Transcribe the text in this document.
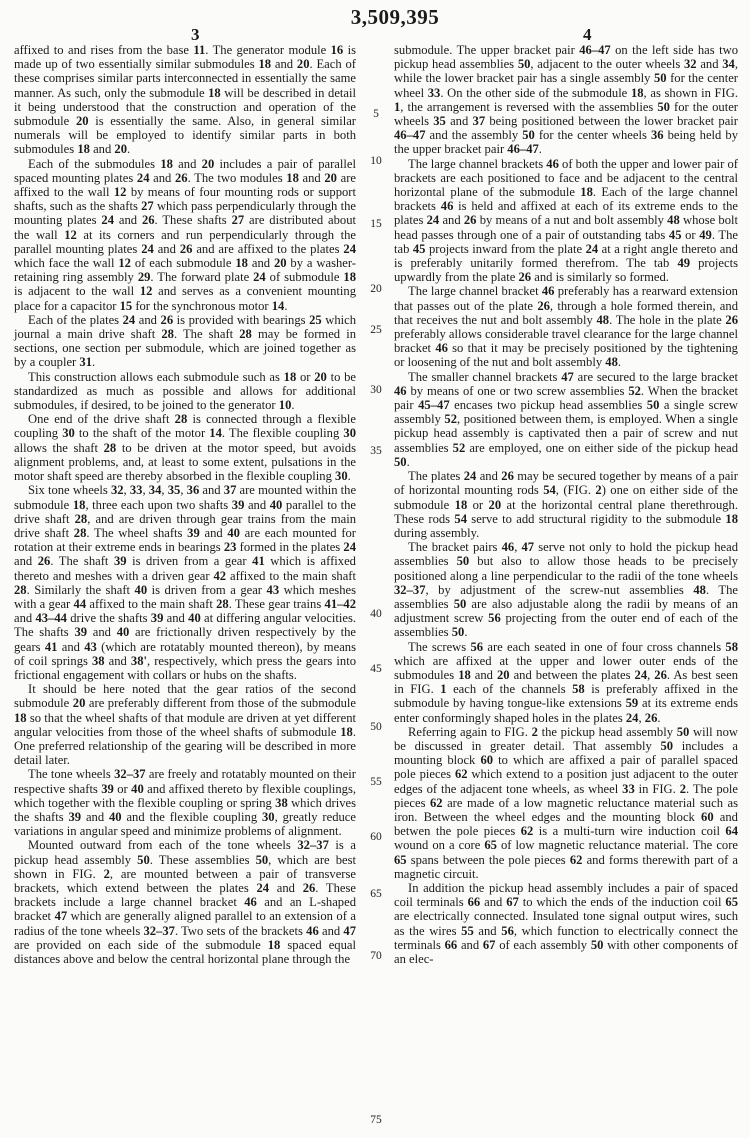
3,509,395
3	4

affixed to and rises from the base 11. The generator module 16 is made up of two essentially similar submodules 18 and 20. Each of these comprises similar parts interconnected in essentially the same manner. As such, only the submodule 18 will be described in detail it being understood that the construction and operation of the submodule 20 is essentially the same. Also, in general similar numerals will be employed to identify similar parts in both submodules 18 and 20.

Each of the submodules 18 and 20 includes a pair of parallel spaced mounting plates 24 and 26. The two modules 18 and 20 are affixed to the wall 12 by means of four mounting rods or support shafts, such as the shafts 27 which pass perpendicularly through the mounting plates 24 and 26. These shafts 27 are distributed about the wall 12 at its corners and run perpendicularly through the parallel mounting plates 24 and 26 and are affixed to the plates 24 which face the wall 12 of each submodule 18 and 20 by a washer-retaining ring assembly 29. The forward plate 24 of submodule 18 is adjacent to the wall 12 and serves as a convenient mounting place for a capacitor 15 for the synchronous motor 14.

Each of the plates 24 and 26 is provided with bearings 25 which journal a main drive shaft 28. The shaft 28 may be formed in sections, one section per submodule, which are joined together as by a coupler 31.

This construction allows each submodule such as 18 or 20 to be standardized as much as possible and allows for additional submodules, if desired, to be joined to the generator 10.

One end of the drive shaft 28 is connected through a flexible coupling 30 to the shaft of the motor 14. The flexible coupling 30 allows the shaft 28 to be driven at the motor speed, but avoids alignment problems, and, at least to some extent, pulsations in the motor shaft speed are thereby absorbed in the flexible coupling 30.

Six tone wheels 32, 33, 34, 35, 36 and 37 are mounted within the submodule 18, three each upon two shafts 39 and 40 parallel to the drive shaft 28, and are driven through gear trains from the main drive shaft 28. The wheel shafts 39 and 40 are each mounted for rotation at their extreme ends in bearings 23 formed in the plates 24 and 26. The shaft 39 is driven from a gear 41 which is affixed thereto and meshes with a driven gear 42 affixed to the main shaft 28. Similarly the shaft 40 is driven from a gear 43 which meshes with a gear 44 affixed to the main shaft 28. These gear trains 41–42 and 43–44 drive the shafts 39 and 40 at differing angular velocities. The shafts 39 and 40 are frictionally driven respectively by the gears 41 and 43 (which are rotatably mounted thereon), by means of coil springs 38 and 38', respectively, which press the gears into frictional engagement with collars or hubs on the shafts.

It should be here noted that the gear ratios of the second submodule 20 are preferably different from those of the submodule 18 so that the wheel shafts of that module are driven at yet different angular velocities from those of the wheel shafts of submodule 18. One preferred relationship of the gearing will be described in more detail later.

The tone wheels 32–37 are freely and rotatably mounted on their respective shafts 39 or 40 and affixed thereto by flexible couplings, which together with the flexible coupling or spring 38 which drives the shafts 39 and 40 and the flexible coupling 30, greatly reduce variations in angular speed and minimize problems of alignment.

Mounted outward from each of the tone wheels 32–37 is a pickup head assembly 50. These assemblies 50, which are best shown in FIG. 2, are mounted between a pair of transverse brackets, which extend between the plates 24 and 26. These brackets include a large channel bracket 46 and an L-shaped bracket 47 which are generally aligned parallel to an extension of a radius of the tone wheels 32–37. Two sets of the brackets 46 and 47 are provided on each side of the submodule 18 spaced equal distances above and below the central horizontal plane through the

submodule. The upper bracket pair 46–47 on the left side has two pickup head assemblies 50, adjacent to the outer wheels 32 and 34, while the lower bracket pair has a single assembly 50 for the center wheel 33. On the other side of the submodule 18, as shown in FIG. 1, the arrangement is reversed with the assemblies 50 for the outer wheels 35 and 37 being positioned between the lower bracket pair 46–47 and the assembly 50 for the center wheels 36 being held by the upper bracket pair 46–47.

The large channel brackets 46 of both the upper and lower pair of brackets are each positioned to face and be adjacent to the central horizontal plane of the submodule 18. Each of the large channel brackets 46 is held and affixed at each of its extreme ends to the plates 24 and 26 by means of a nut and bolt assembly 48 whose bolt head passes through one of a pair of outstanding tabs 45 or 49. The tab 45 projects inward from the plate 24 at a right angle thereto and is preferably unitarily formed therefrom. The tab 49 projects upwardly from the plate 26 and is similarly so formed.

The large channel bracket 46 preferably has a rearward extension that passes out of the plate 26, through a hole formed therein, and that receives the nut and bolt assembly 48. The hole in the plate 26 preferably allows considerable travel clearance for the large channel bracket 46 so that it may be precisely positioned by the tightening or loosening of the nut and bolt assembly 48.

The smaller channel brackets 47 are secured to the large bracket 46 by means of one or two screw assemblies 52. When the bracket pair 45–47 encases two pickup head assemblies 50 a single screw assembly 52, positioned between them, is employed. When a single pickup head assembly is captivated then a pair of screw and nut assemblies 52 are employed, one on either side of the pickup head 50.

The plates 24 and 26 may be secured together by means of a pair of horizontal mounting rods 54, (FIG. 2) one on either side of the submodule 18 or 20 at the horizontal central plane therethrough. These rods 54 serve to add structural rigidity to the submodule 18 during assembly.

The bracket pairs 46, 47 serve not only to hold the pickup head assemblies 50 but also to allow those heads to be precisely positioned along a line perpendicular to the radii of the tone wheels 32–37, by adjustment of the screw-nut assemblies 48. The assemblies 50 are also adjustable along the radii by means of an adjustment screw 56 projecting from the outer end of each of the assemblies 50.

The screws 56 are each seated in one of four cross channels 58 which are affixed at the upper and lower outer ends of the submodules 18 and 20 and between the plates 24, 26. As best seen in FIG. 1 each of the channels 58 is preferably affixed in the submodule by having tongue-like extensions 59 at its extreme ends enter conformingly shaped holes in the plates 24, 26.

Referring again to FIG. 2 the pickup head assembly 50 will now be discussed in greater detail. That assembly 50 includes a mounting block 60 to which are affixed a pair of parallel spaced pole pieces 62 which extend to a position just adjacent to the outer edges of the adjacent tone wheels, as wheel 33 in FIG. 2. The pole pieces 62 are made of a low magnetic reluctance material such as iron. Between the wheel edges and the mounting block 60 and betwen the pole pieces 62 is a multi-turn wire induction coil 64 wound on a core 65 of low magnetic reluctance material. The core 65 spans between the pole pieces 62 and forms therewith part of a magnetic circuit.

In addition the pickup head assembly includes a pair of spaced coil terminals 66 and 67 to which the ends of the induction coil 65 are electrically connected. Insulated tone signal output wires, such as the wires 55 and 56, which function to electrically connect the terminals 66 and 67 of each assembly 50 with other components of an elec-

5
10
15
20
25
30
35
40
45
50
55
60
65
70
75
